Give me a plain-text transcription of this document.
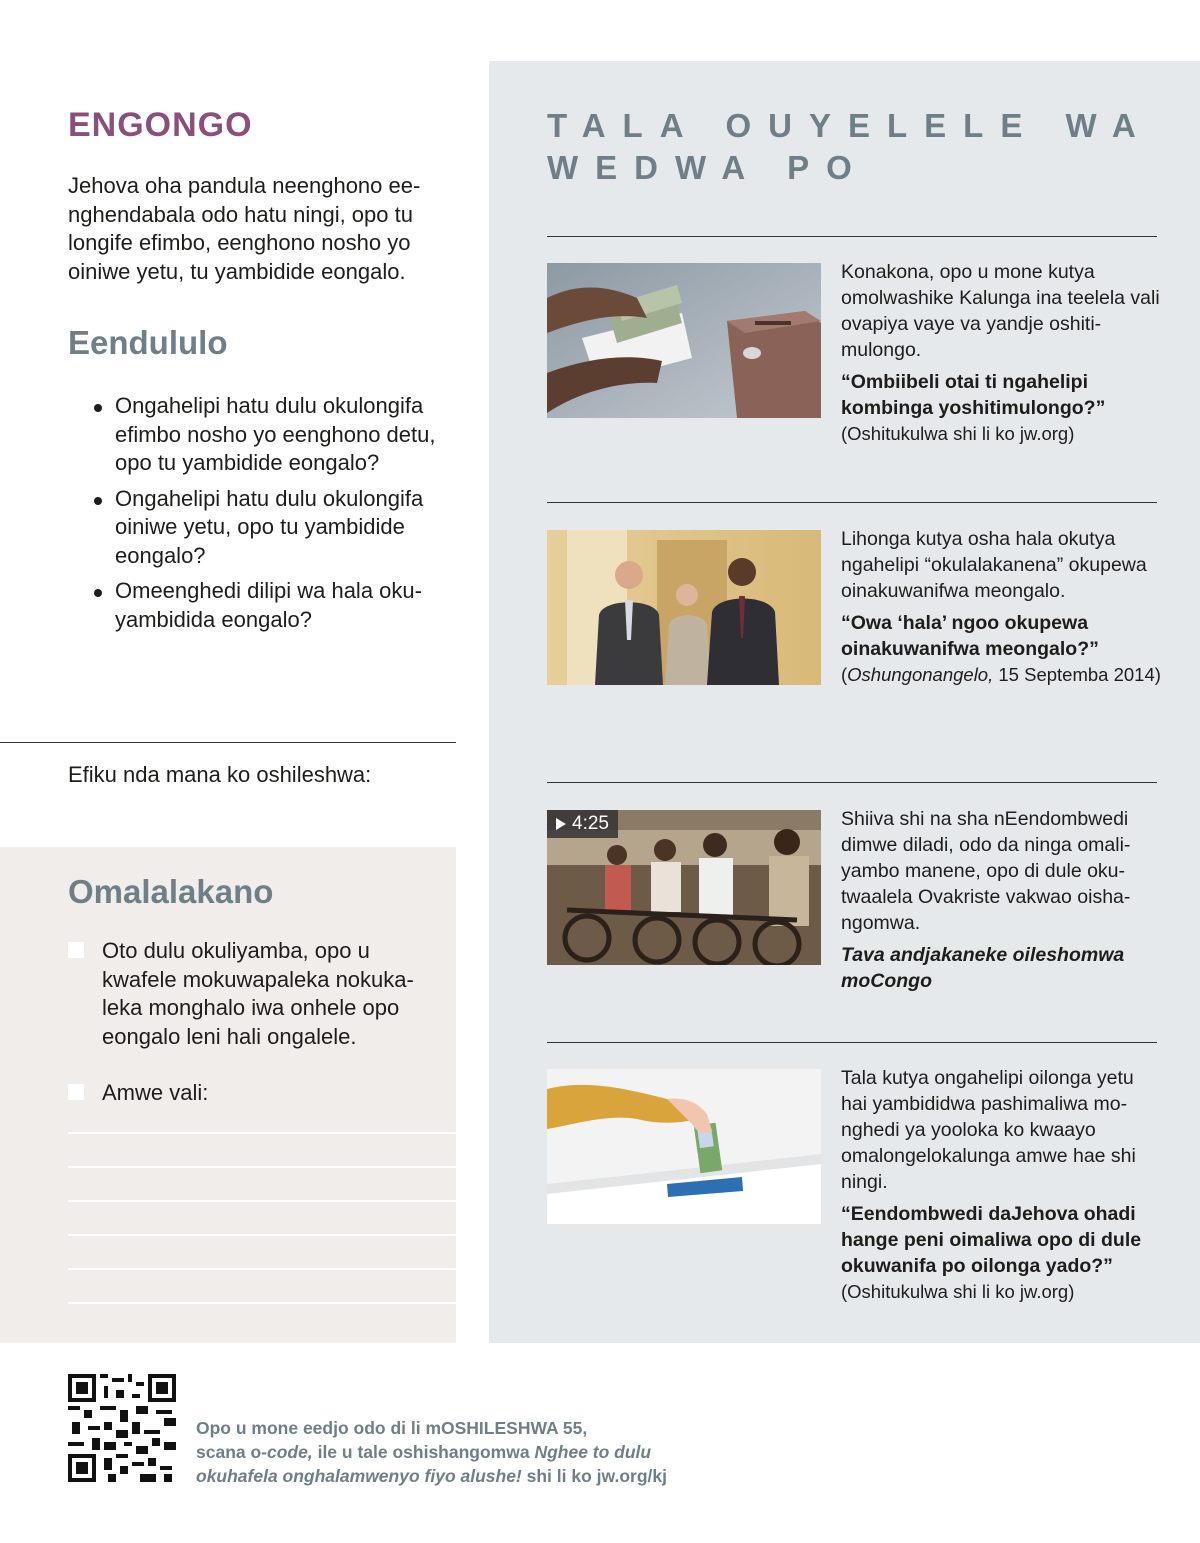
ENGONGO

Jehova oha pandula neenghono eenghendabala odo hatu ningi, opo tu longife efimbo, eenghono nosho yo oiniwe yetu, tu yambidide eongalo.

Eendululo
Ongahelipi hatu dulu okulongifa efimbo nosho yo eenghono detu, opo tu yambidide eongalo?
Ongahelipi hatu dulu okulongifa oiniwe yetu, opo tu yambidide eongalo?
Omeenghedi dilipi wa hala okuyambidida eongalo?
Efiku nda mana ko oshileshwa:
Omalalakano
Oto dulu okuliyamba, opo u kwafele mokuwapaleka nokukaleka monghalo iwa onhele opo eongalo leni hali ongalele.
Amwe vali:
TALA OUYELELE WA WEDWA PO

Konakona, opo u mone kutya omolwashike Kalunga ina teelela vali ovapiya vaye va yandje oshitimulongo.

“Ombiibeli otai ti ngahelipi kombinga yoshitimulongo?”

(Oshitukulwa shi li ko jw.org)

Lihonga kutya osha hala okutya ngahelipi “okulalakanena” okupewa oinakuwanifwa meongalo.

“Owa ‘hala’ ngoo okupewa oinakuwanifwa meongalo?”

(Oshungonangelo, 15 Septemba 2014)

4:25	Shiiva shi na sha nEendombwedi dimwe diladi, odo da ninga omaliyambo manene, opo di dule okutwaalela Ovakriste vakwao oishangomwa.

Tava andjakaneke oileshomwa moCongo

Tala kutya ongahelipi oilonga yetu hai yambididwa pashimaliwa monghedi ya yooloka ko kwaayo omalongelokalunga amwe hae shi ningi.

“Eendombwedi daJehova ohadi hange peni oimaliwa opo di dule okuwanifa po oilonga yado?”

(Oshitukulwa shi li ko jw.org)

Opo u mone eedjo odo di li mOSHILESHWA 55,
scana o-code, ile u tale oshishangomwa Nghee to dulu
okuhafela onghalamwenyo fiyo alushe! shi li ko jw.org/kj
